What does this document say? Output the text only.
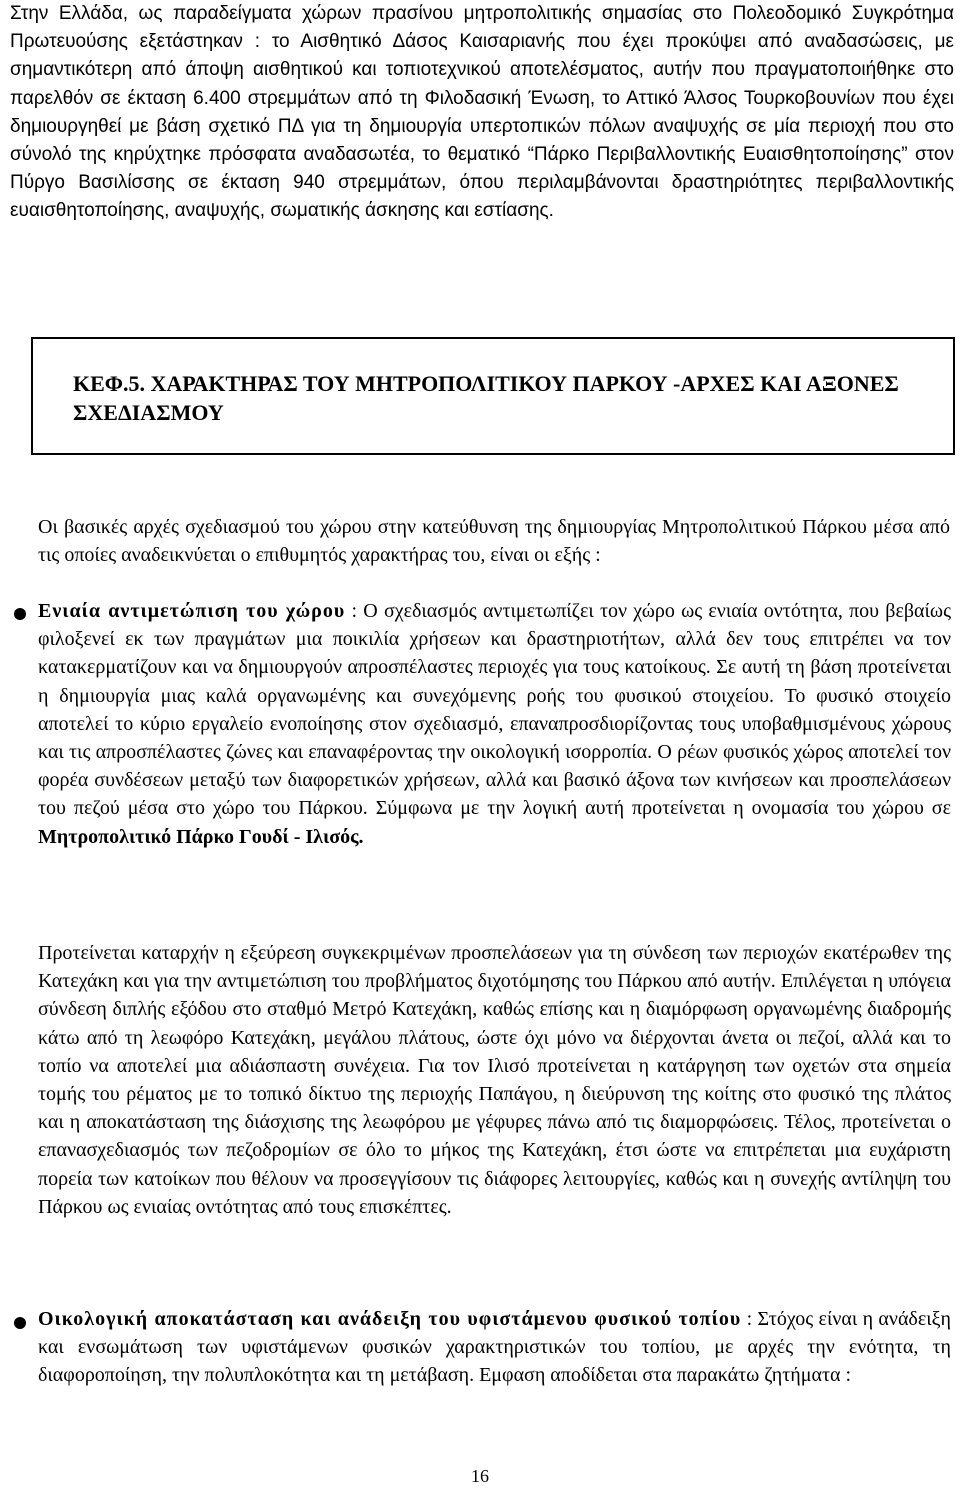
Στην Ελλάδα, ως παραδείγματα χώρων πρασίνου μητροπολιτικής σημασίας στο Πολεοδομικό Συγκρότημα Πρωτευούσης εξετάστηκαν : το Αισθητικό Δάσος Καισαριανής που έχει προκύψει από αναδασώσεις, με σημαντικότερη από άποψη αισθητικού και τοπιοτεχνικού αποτελέσματος, αυτήν που πραγματοποιήθηκε στο παρελθόν σε έκταση 6.400 στρεμμάτων από τη Φιλοδασική Ένωση, το Αττικό Άλσος Τουρκοβουνίων που έχει δημιουργηθεί με βάση σχετικό ΠΔ για τη δημιουργία υπερτοπικών πόλων αναψυχής σε μία περιοχή που στο σύνολό της κηρύχτηκε πρόσφατα αναδασωτέα, το θεματικό “Πάρκο Περιβαλλοντικής Ευαισθητοποίησης” στον Πύργο Βασιλίσσης σε έκταση 940 στρεμμάτων, όπου περιλαμβάνονται δραστηριότητες περιβαλλοντικής ευαισθητοποίησης, αναψυχής, σωματικής άσκησης και εστίασης.

ΚΕΦ.5. ΧΑΡΑΚΤΗΡΑΣ ΤΟΥ ΜΗΤΡΟΠΟΛΙΤΙΚΟΥ ΠΑΡΚΟΥ -ΑΡΧΕΣ ΚΑΙ ΑΞΟΝΕΣ ΣΧΕΔΙΑΣΜΟΥ

Οι βασικές αρχές σχεδιασμού του χώρου στην κατεύθυνση της δημιουργίας Μητροπολιτικού Πάρκου μέσα από τις οποίες αναδεικνύεται ο επιθυμητός χαρακτήρας του, είναι οι εξής :

Ενιαία αντιμετώπιση του χώρου : Ο σχεδιασμός αντιμετωπίζει τον χώρο ως ενιαία οντότητα, που βεβαίως φιλοξενεί εκ των πραγμάτων μια ποικιλία χρήσεων και δραστηριοτήτων, αλλά δεν τους επιτρέπει να τον κατακερματίζουν και να δημιουργούν απροσπέλαστες περιοχές για τους κατοίκους. Σε αυτή τη βάση προτείνεται η δημιουργία μιας καλά οργανωμένης και συνεχόμενης ροής του φυσικού στοιχείου. Το φυσικό στοιχείο αποτελεί το κύριο εργαλείο ενοποίησης στον σχεδιασμό, επαναπροσδιορίζοντας τους υποβαθμισμένους χώρους και τις απροσπέλαστες ζώνες και επαναφέροντας την οικολογική ισορροπία. Ο ρέων φυσικός χώρος αποτελεί τον φορέα συνδέσεων μεταξύ των διαφορετικών χρήσεων, αλλά και βασικό άξονα των κινήσεων και προσπελάσεων του πεζού μέσα στο χώρο του Πάρκου. Σύμφωνα με την λογική αυτή προτείνεται η ονομασία του χώρου σε Μητροπολιτικό Πάρκο Γουδί - Ιλισός.

Προτείνεται καταρχήν η εξεύρεση συγκεκριμένων προσπελάσεων για τη σύνδεση των περιοχών εκατέρωθεν της Κατεχάκη και για την αντιμετώπιση του προβλήματος διχοτόμησης του Πάρκου από αυτήν. Επιλέγεται η υπόγεια σύνδεση διπλής εξόδου στο σταθμό Μετρό Κατεχάκη, καθώς επίσης και η διαμόρφωση οργανωμένης διαδρομής κάτω από τη λεωφόρο Κατεχάκη, μεγάλου πλάτους, ώστε όχι μόνο να διέρχονται άνετα οι πεζοί, αλλά και το τοπίο να αποτελεί μια αδιάσπαστη συνέχεια. Για τον Ιλισό προτείνεται η κατάργηση των οχετών στα σημεία τομής του ρέματος με το τοπικό δίκτυο της περιοχής Παπάγου, η διεύρυνση της κοίτης στο φυσικό της πλάτος και η αποκατάσταση της διάσχισης της λεωφόρου με γέφυρες πάνω από τις διαμορφώσεις. Τέλος, προτείνεται ο επανασχεδιασμός των πεζοδρομίων σε όλο το μήκος της Κατεχάκη, έτσι ώστε να επιτρέπεται μια ευχάριστη πορεία των κατοίκων που θέλουν να προσεγγίσουν τις διάφορες λειτουργίες, καθώς και η συνεχής αντίληψη του Πάρκου ως ενιαίας οντότητας από τους επισκέπτες.

Οικολογική αποκατάσταση και ανάδειξη του υφιστάμενου φυσικού τοπίου : Στόχος είναι η ανάδειξη και ενσωμάτωση των υφιστάμενων φυσικών χαρακτηριστικών του τοπίου, με αρχές την ενότητα, τη διαφοροποίηση, την πολυπλοκότητα και τη μετάβαση. Εμφαση αποδίδεται στα παρακάτω ζητήματα :

16
